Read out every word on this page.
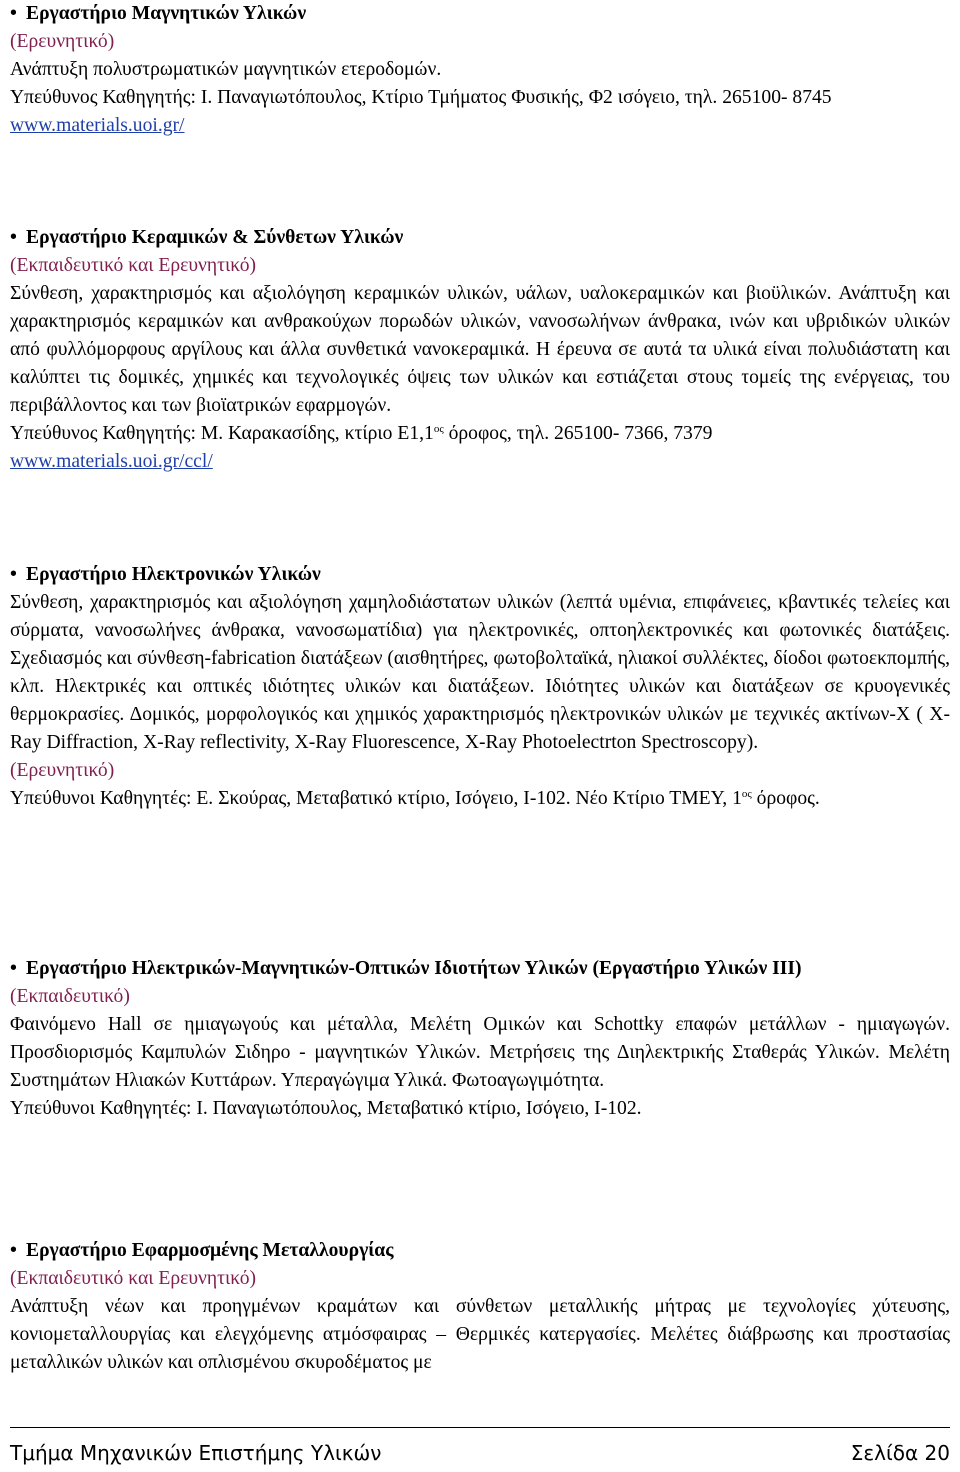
• Εργαστήριο Μαγνητικών Υλικών

(Ερευνητικό)

Ανάπτυξη πολυστρωματικών μαγνητικών ετεροδομών.

Υπεύθυνος Καθηγητής: Ι. Παναγιωτόπουλος, Κτίριο Τμήματος Φυσικής, Φ2 ισόγειο, τηλ. 265100- 8745

www.materials.uoi.gr/

• Εργαστήριο Κεραμικών & Σύνθετων Υλικών

(Εκπαιδευτικό και Ερευνητικό)

Σύνθεση, χαρακτηρισμός και αξιολόγηση κεραμικών υλικών, υάλων, υαλοκεραμικών και βιοϋλικών. Ανάπτυξη και χαρακτηρισμός κεραμικών και ανθρακούχων πορωδών υλικών, νανοσωλήνων άνθρακα, ινών και υβριδικών υλικών από φυλλόμορφους αργίλους και άλλα συνθετικά νανοκεραμικά. Η έρευνα σε αυτά τα υλικά είναι πολυδιάστατη και καλύπτει τις δομικές, χημικές και τεχνολογικές όψεις των υλικών και εστιάζεται στους τομείς της ενέργειας, του περιβάλλοντος και των βιοϊατρικών εφαρμογών.

Υπεύθυνος Καθηγητής: Μ. Καρακασίδης, κτίριο $E1,1^{o\varsigma}$ όροφος, τηλ. 265100- 7366, 7379

www.materials.uoi.gr/ccl/

• Εργαστήριο Ηλεκτρονικών Υλικών

Σύνθεση, χαρακτηρισμός και αξιολόγηση χαμηλοδιάστατων υλικών (λεπτά υμένια, επιφάνειες, κβαντικές τελείες και σύρματα, νανοσωλήνες άνθρακα, νανοσωματίδια) για ηλεκτρονικές, οπτοηλεκτρονικές και φωτονικές διατάξεις. Σχεδιασμός και σύνθεση-fabrication διατάξεων (αισθητήρες, φωτοβολταϊκά, ηλιακοί συλλέκτες, δίοδοι φωτοεκπομπής, κλπ. Ηλεκτρικές και οπτικές ιδιότητες υλικών και διατάξεων. Ιδιότητες υλικών και διατάξεων σε κρυογενικές θερμοκρασίες. Δομικός, μορφολογικός και χημικός χαρακτηρισμός ηλεκτρονικών υλικών με τεχνικές ακτίνων-Χ ( X-Ray Diffraction, X-Ray reflectivity, X-Ray Fluorescence, X-Ray Photoelectrton Spectroscopy).

(Ερευνητικό)

Υπεύθυνοι Καθηγητές: Ε. Σκούρας, Μεταβατικό κτίριο, Ισόγειο, Ι-102. Νέο Κτίριο ΤΜΕΥ, $1^{o\varsigma}$ όροφος.

• Εργαστήριο Ηλεκτρικών-Μαγνητικών-Οπτικών Ιδιοτήτων Υλικών (Εργαστήριο Υλικών ΙΙΙ)

(Εκπαιδευτικό)

Φαινόμενο Hall σε ημιαγωγούς και μέταλλα, Μελέτη Ομικών και Schottky επαφών μετάλλων - ημιαγωγών. Προσδιορισμός Καμπυλών Σιδηρο - μαγνητικών Υλικών. Μετρήσεις της Διηλεκτρικής Σταθεράς Υλικών. Μελέτη Συστημάτων Ηλιακών Κυττάρων. Υπεραγώγιμα Υλικά. Φωτοαγωγιμότητα.

Υπεύθυνοι Καθηγητές: Ι. Παναγιωτόπουλος, Μεταβατικό κτίριο, Ισόγειο, Ι-102.

• Εργαστήριο Εφαρμοσμένης Μεταλλουργίας

(Εκπαιδευτικό και Ερευνητικό)

Ανάπτυξη νέων και προηγμένων κραμάτων και σύνθετων μεταλλικής μήτρας με τεχνολογίες χύτευσης, κονιομεταλλουργίας και ελεγχόμενης ατμόσφαιρας – Θερμικές κατεργασίες. Μελέτες διάβρωσης και προστασίας μεταλλικών υλικών και οπλισμένου σκυροδέματος με

Τμήμα Μηχανικών Επιστήμης Υλικών	Σελίδα 20
